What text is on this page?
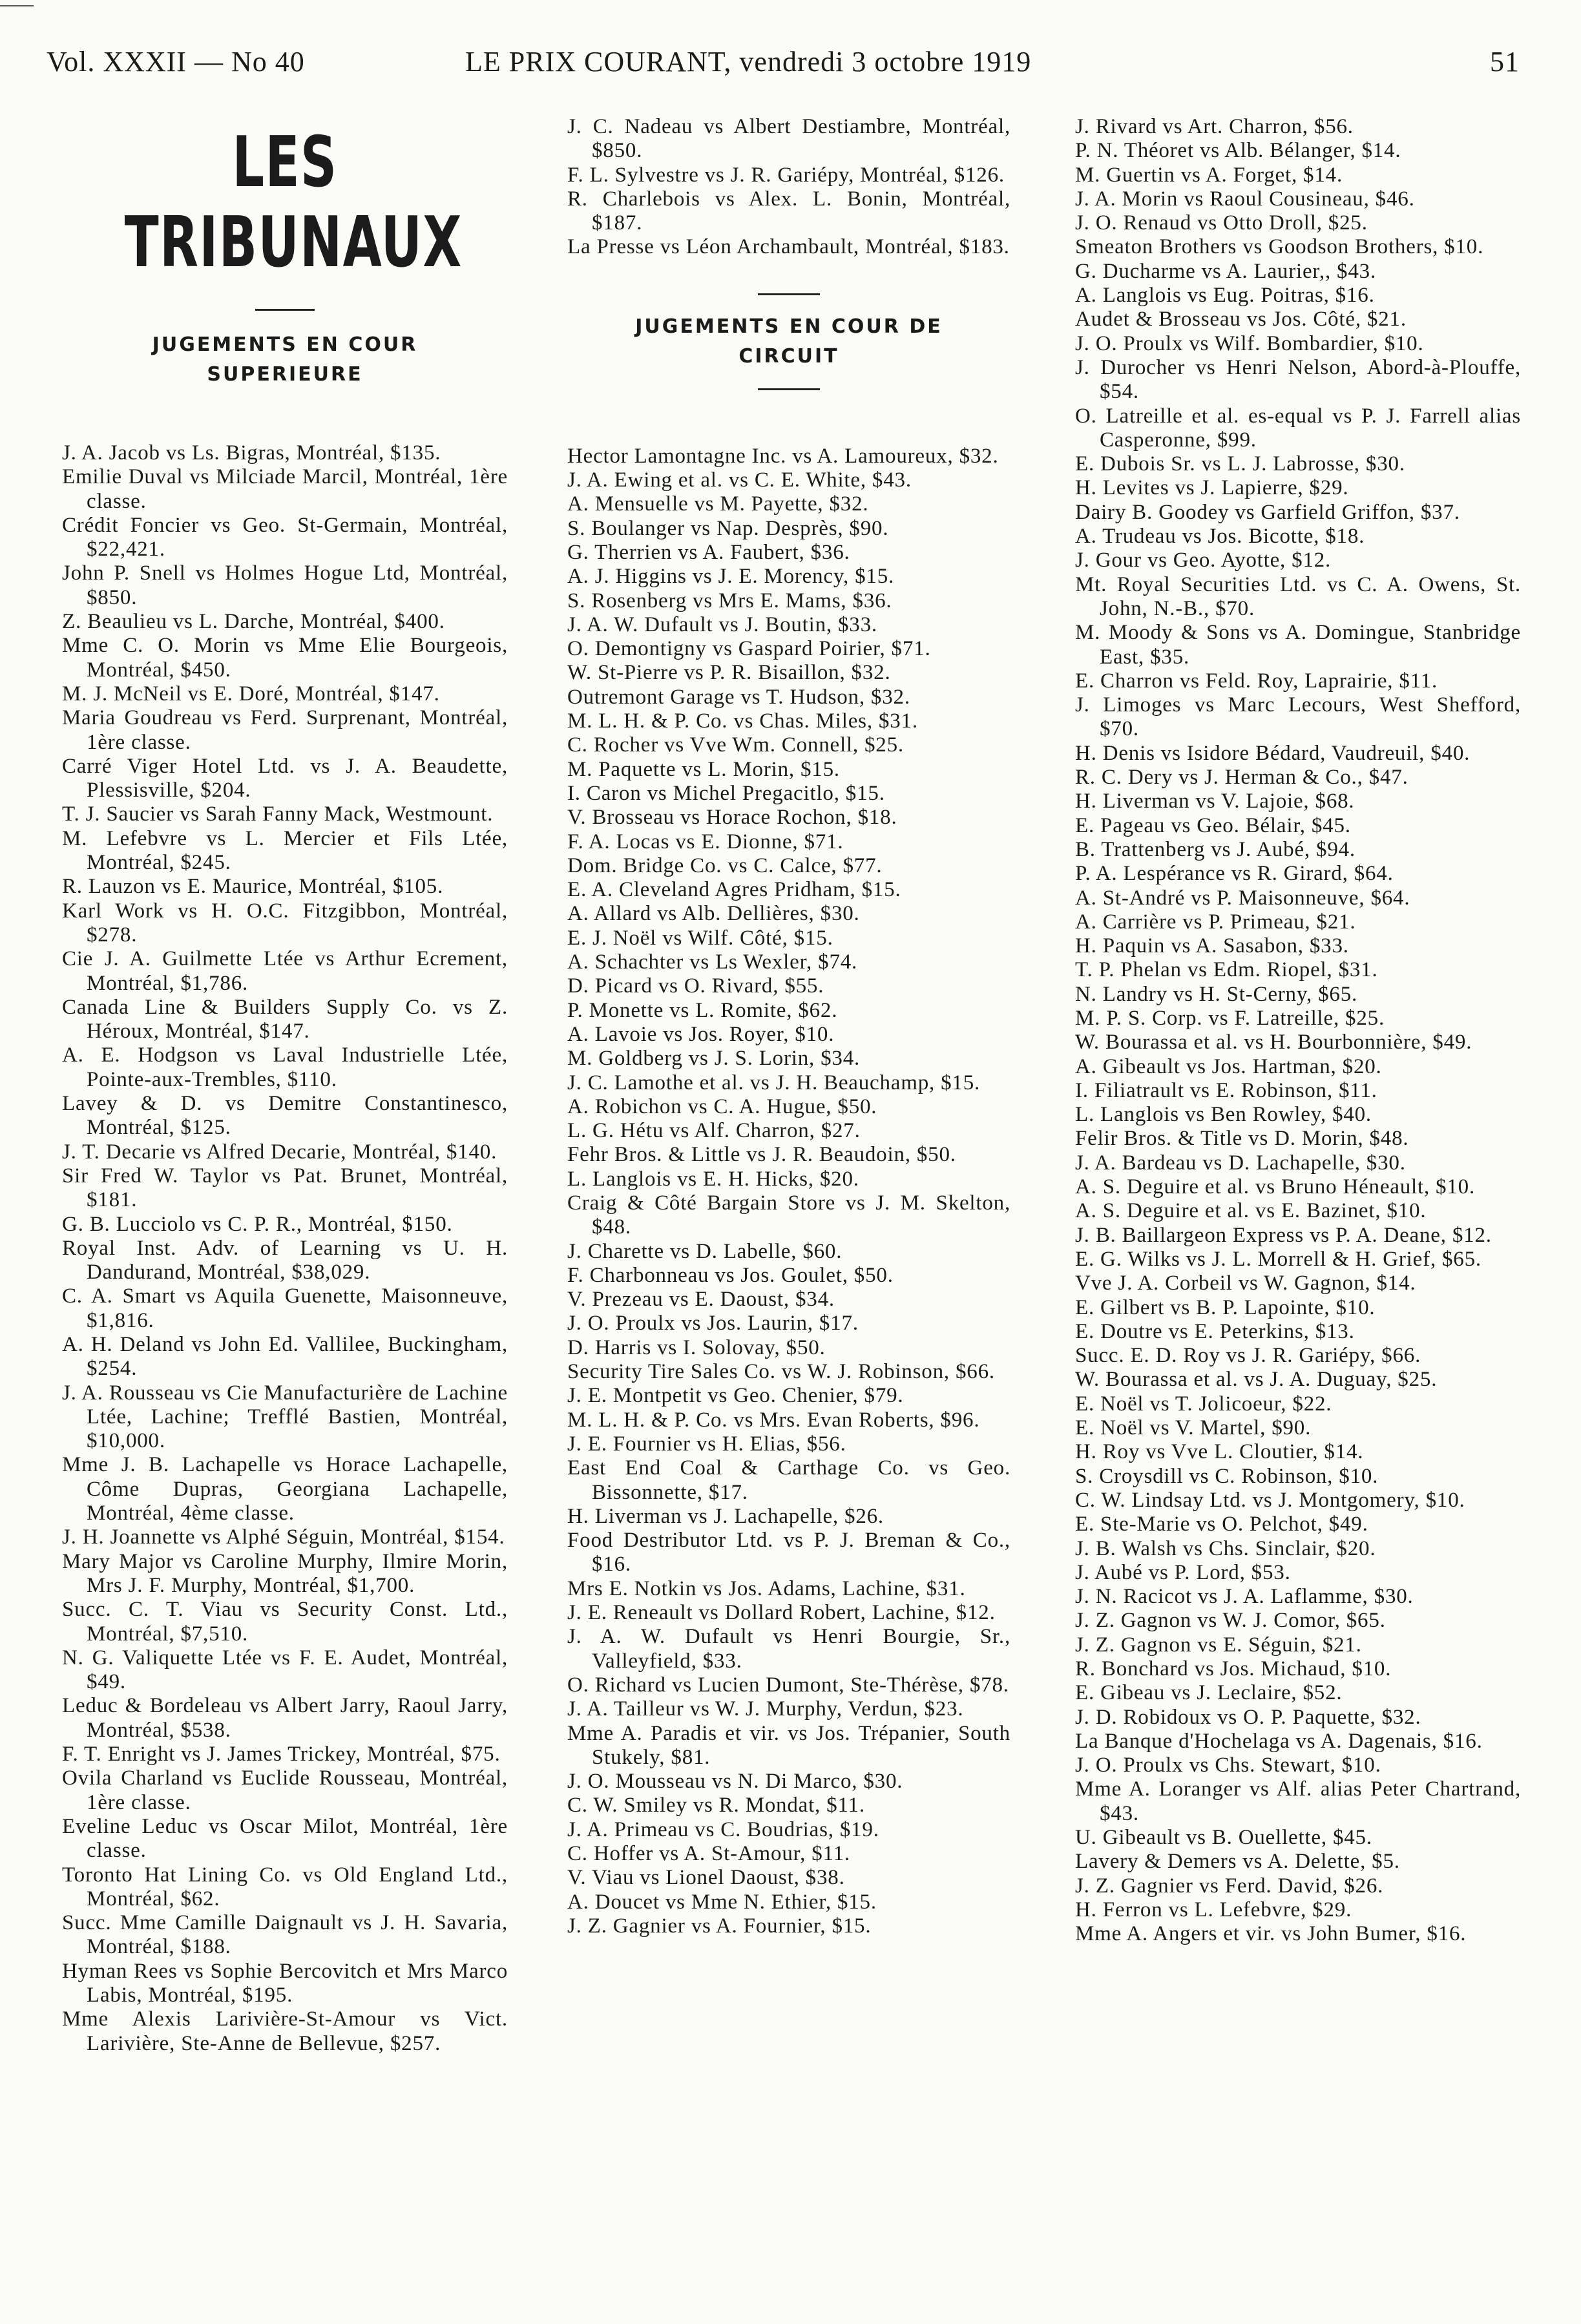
Vol. XXXII — No 40	LE PRIX COURANT, vendredi 3 octobre 1919	51
LES TRIBUNAUX
JUGEMENTS EN COUR SUPERIEURE
J. A. Jacob vs Ls. Bigras, Montréal, $135.
Emilie Duval vs Milciade Marcil, Montréal, 1ère classe.
Crédit Foncier vs Geo. St-Germain, Montréal, $22,421.
John P. Snell vs Holmes Hogue Ltd, Montréal, $850.
Z. Beaulieu vs L. Darche, Montréal, $400.
Mme C. O. Morin vs Mme Elie Bourgeois, Montréal, $450.
M. J. McNeil vs E. Doré, Montréal, $147.
Maria Goudreau vs Ferd. Surprenant, Montréal, 1ère classe.
Carré Viger Hotel Ltd. vs J. A. Beaudette, Plessisville, $204.
T. J. Saucier vs Sarah Fanny Mack, Westmount.
M. Lefebvre vs L. Mercier et Fils Ltée, Montréal, $245.
R. Lauzon vs E. Maurice, Montréal, $105.
Karl Work vs H. O.C. Fitzgibbon, Montréal, $278.
Cie J. A. Guilmette Ltée vs Arthur Ecrement, Montréal, $1,786.
Canada Line & Builders Supply Co. vs Z. Héroux, Montréal, $147.
A. E. Hodgson vs Laval Industrielle Ltée, Pointe-aux-Trembles, $110.
Lavey & D. vs Demitre Constantinesco, Montréal, $125.
J. T. Decarie vs Alfred Decarie, Montréal, $140.
Sir Fred W. Taylor vs Pat. Brunet, Montréal, $181.
G. B. Lucciolo vs C. P. R., Montréal, $150.
Royal Inst. Adv. of Learning vs U. H. Dandurand, Montréal, $38,029.
C. A. Smart vs Aquila Guenette, Maisonneuve, $1,816.
A. H. Deland vs John Ed. Vallilee, Buckingham, $254.
J. A. Rousseau vs Cie Manufacturière de Lachine Ltée, Lachine; Trefflé Bastien, Montréal, $10,000.
Mme J. B. Lachapelle vs Horace Lachapelle, Côme Dupras, Georgiana Lachapelle, Montréal, 4ème classe.
J. H. Joannette vs Alphé Séguin, Montréal, $154.
Mary Major vs Caroline Murphy, Ilmire Morin, Mrs J. F. Murphy, Montréal, $1,700.
Succ. C. T. Viau vs Security Const. Ltd., Montréal, $7,510.
N. G. Valiquette Ltée vs F. E. Audet, Montréal, $49.
Leduc & Bordeleau vs Albert Jarry, Raoul Jarry, Montréal, $538.
F. T. Enright vs J. James Trickey, Montréal, $75.
Ovila Charland vs Euclide Rousseau, Montréal, 1ère classe.
Eveline Leduc vs Oscar Milot, Montréal, 1ère classe.
Toronto Hat Lining Co. vs Old England Ltd., Montréal, $62.
Succ. Mme Camille Daignault vs J. H. Savaria, Montréal, $188.
Hyman Rees vs Sophie Bercovitch et Mrs Marco Labis, Montréal, $195.
Mme Alexis Larivière-St-Amour vs Vict. Larivière, Ste-Anne de Bellevue, $257.
J. C. Nadeau vs Albert Destiambre, Montréal, $850.
F. L. Sylvestre vs J. R. Gariépy, Montréal, $126.
R. Charlebois vs Alex. L. Bonin, Montréal, $187.
La Presse vs Léon Archambault, Montréal, $183.
JUGEMENTS EN COUR DE CIRCUIT
Hector Lamontagne Inc. vs A. Lamoureux, $32.
J. A. Ewing et al. vs C. E. White, $43.
A. Mensuelle vs M. Payette, $32.
S. Boulanger vs Nap. Desprès, $90.
G. Therrien vs A. Faubert, $36.
A. J. Higgins vs J. E. Morency, $15.
S. Rosenberg vs Mrs E. Mams, $36.
J. A. W. Dufault vs J. Boutin, $33.
O. Demontigny vs Gaspard Poirier, $71.
W. St-Pierre vs P. R. Bisaillon, $32.
Outremont Garage vs T. Hudson, $32.
M. L. H. & P. Co. vs Chas. Miles, $31.
C. Rocher vs Vve Wm. Connell, $25.
M. Paquette vs L. Morin, $15.
I. Caron vs Michel Pregacitlo, $15.
V. Brosseau vs Horace Rochon, $18.
F. A. Locas vs E. Dionne, $71.
Dom. Bridge Co. vs C. Calce, $77.
E. A. Cleveland Agres Pridham, $15.
A. Allard vs Alb. Dellières, $30.
E. J. Noël vs Wilf. Côté, $15.
A. Schachter vs Ls Wexler, $74.
D. Picard vs O. Rivard, $55.
P. Monette vs L. Romite, $62.
A. Lavoie vs Jos. Royer, $10.
M. Goldberg vs J. S. Lorin, $34.
J. C. Lamothe et al. vs J. H. Beauchamp, $15.
A. Robichon vs C. A. Hugue, $50.
L. G. Hétu vs Alf. Charron, $27.
Fehr Bros. & Little vs J. R. Beaudoin, $50.
L. Langlois vs E. H. Hicks, $20.
Craig & Côté Bargain Store vs J. M. Skelton, $48.
J. Charette vs D. Labelle, $60.
F. Charbonneau vs Jos. Goulet, $50.
V. Prezeau vs E. Daoust, $34.
J. O. Proulx vs Jos. Laurin, $17.
D. Harris vs I. Solovay, $50.
Security Tire Sales Co. vs W. J. Robinson, $66.
J. E. Montpetit vs Geo. Chenier, $79.
M. L. H. & P. Co. vs Mrs. Evan Roberts, $96.
J. E. Fournier vs H. Elias, $56.
East End Coal & Carthage Co. vs Geo. Bissonnette, $17.
H. Liverman vs J. Lachapelle, $26.
Food Destributor Ltd. vs P. J. Breman & Co., $16.
Mrs E. Notkin vs Jos. Adams, Lachine, $31.
J. E. Reneault vs Dollard Robert, Lachine, $12.
J. A. W. Dufault vs Henri Bourgie, Sr., Valleyfield, $33.
O. Richard vs Lucien Dumont, Ste-Thérèse, $78.
J. A. Tailleur vs W. J. Murphy, Verdun, $23.
Mme A. Paradis et vir. vs Jos. Trépanier, South Stukely, $81.
J. O. Mousseau vs N. Di Marco, $30.
C. W. Smiley vs R. Mondat, $11.
J. A. Primeau vs C. Boudrias, $19.
C. Hoffer vs A. St-Amour, $11.
V. Viau vs Lionel Daoust, $38.
A. Doucet vs Mme N. Ethier, $15.
J. Z. Gagnier vs A. Fournier, $15.
J. Rivard vs Art. Charron, $56.
P. N. Théoret vs Alb. Bélanger, $14.
M. Guertin vs A. Forget, $14.
J. A. Morin vs Raoul Cousineau, $46.
J. O. Renaud vs Otto Droll, $25.
Smeaton Brothers vs Goodson Brothers, $10.
G. Ducharme vs A. Laurier,, $43.
A. Langlois vs Eug. Poitras, $16.
Audet & Brosseau vs Jos. Côté, $21.
J. O. Proulx vs Wilf. Bombardier, $10.
J. Durocher vs Henri Nelson, Abord-à-Plouffe, $54.
O. Latreille et al. es-equal vs P. J. Farrell alias Casperonne, $99.
E. Dubois Sr. vs L. J. Labrosse, $30.
H. Levites vs J. Lapierre, $29.
Dairy B. Goodey vs Garfield Griffon, $37.
A. Trudeau vs Jos. Bicotte, $18.
J. Gour vs Geo. Ayotte, $12.
Mt. Royal Securities Ltd. vs C. A. Owens, St. John, N.-B., $70.
M. Moody & Sons vs A. Domingue, Stanbridge East, $35.
E. Charron vs Feld. Roy, Laprairie, $11.
J. Limoges vs Marc Lecours, West Shefford, $70.
H. Denis vs Isidore Bédard, Vaudreuil, $40.
R. C. Dery vs J. Herman & Co., $47.
H. Liverman vs V. Lajoie, $68.
E. Pageau vs Geo. Bélair, $45.
B. Trattenberg vs J. Aubé, $94.
P. A. Lespérance vs R. Girard, $64.
A. St-André vs P. Maisonneuve, $64.
A. Carrière vs P. Primeau, $21.
H. Paquin vs A. Sasabon, $33.
T. P. Phelan vs Edm. Riopel, $31.
N. Landry vs H. St-Cerny, $65.
M. P. S. Corp. vs F. Latreille, $25.
W. Bourassa et al. vs H. Bourbonnière, $49.
A. Gibeault vs Jos. Hartman, $20.
I. Filiatrault vs E. Robinson, $11.
L. Langlois vs Ben Rowley, $40.
Felir Bros. & Title vs D. Morin, $48.
J. A. Bardeau vs D. Lachapelle, $30.
A. S. Deguire et al. vs Bruno Héneault, $10.
A. S. Deguire et al. vs E. Bazinet, $10.
J. B. Baillargeon Express vs P. A. Deane, $12.
E. G. Wilks vs J. L. Morrell & H. Grief, $65.
Vve J. A. Corbeil vs W. Gagnon, $14.
E. Gilbert vs B. P. Lapointe, $10.
E. Doutre vs E. Peterkins, $13.
Succ. E. D. Roy vs J. R. Gariépy, $66.
W. Bourassa et al. vs J. A. Duguay, $25.
E. Noël vs T. Jolicoeur, $22.
E. Noël vs V. Martel, $90.
H. Roy vs Vve L. Cloutier, $14.
S. Croysdill vs C. Robinson, $10.
C. W. Lindsay Ltd. vs J. Montgomery, $10.
E. Ste-Marie vs O. Pelchot, $49.
J. B. Walsh vs Chs. Sinclair, $20.
J. Aubé vs P. Lord, $53.
J. N. Racicot vs J. A. Laflamme, $30.
J. Z. Gagnon vs W. J. Comor, $65.
J. Z. Gagnon vs E. Séguin, $21.
R. Bonchard vs Jos. Michaud, $10.
E. Gibeau vs J. Leclaire, $52.
J. D. Robidoux vs O. P. Paquette, $32.
La Banque d'Hochelaga vs A. Dagenais, $16.
J. O. Proulx vs Chs. Stewart, $10.
Mme A. Loranger vs Alf. alias Peter Chartrand, $43.
U. Gibeault vs B. Ouellette, $45.
Lavery & Demers vs A. Delette, $5.
J. Z. Gagnier vs Ferd. David, $26.
H. Ferron vs L. Lefebvre, $29.
Mme A. Angers et vir. vs John Bumer, $16.
